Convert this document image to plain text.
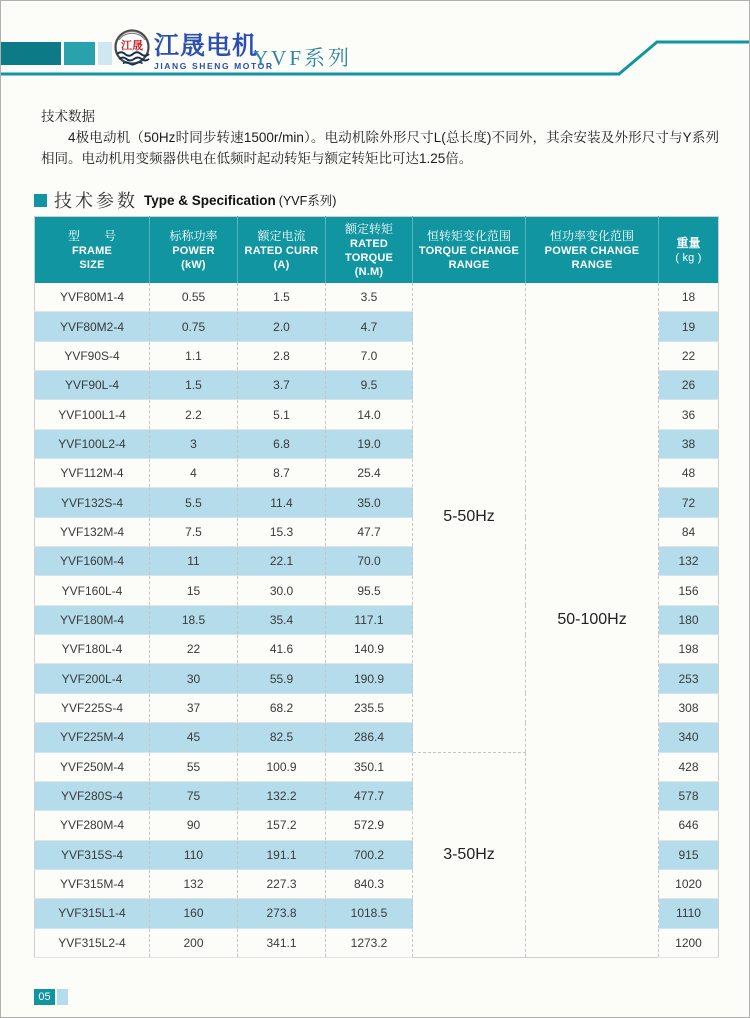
江晟 江晟电机
JIANG SHENG MOTOR
YVF系列
技术数据

4极电动机（50Hz时同步转速1500r/min）。电动机除外形尺寸L(总长度)不同外，其余安装及外形尺寸与Y系列相同。电动机用变频器供电在低频时起动转矩与额定转矩比可达1.25倍。

技术参数 Type & Specification (YVF系列)
型　　号
FRAME
SIZE	标称功率
POWER
(kW)	额定电流
RATED CURR
(A)	额定转矩
RATED TORQUE
(N.M)	恒转矩变化范围
TORQUE CHANGE
RANGE	恒功率变化范围
POWER CHANGE
RANGE	重量
( kg )

YVF80M1-4	0.55	1.5	3.5	5-50Hz	50-100Hz	18
YVF80M2-4	0.75	2.0	4.7			19
YVF90S-4	1.1	2.8	7.0			22
YVF90L-4	1.5	3.7	9.5			26
YVF100L1-4	2.2	5.1	14.0			36
YVF100L2-4	3	6.8	19.0			38
YVF112M-4	4	8.7	25.4			48
YVF132S-4	5.5	11.4	35.0			72
YVF132M-4	7.5	15.3	47.7			84
YVF160M-4	11	22.1	70.0			132
YVF160L-4	15	30.0	95.5			156
YVF180M-4	18.5	35.4	117.1			180
YVF180L-4	22	41.6	140.9			198
YVF200L-4	30	55.9	190.9			253
YVF225S-4	37	68.2	235.5			308
YVF225M-4	45	82.5	286.4			340
YVF250M-4	55	100.9	350.1	3-50Hz		428
YVF280S-4	75	132.2	477.7			578
YVF280M-4	90	157.2	572.9			646
YVF315S-4	110	191.1	700.2			915
YVF315M-4	132	227.3	840.3			1020
YVF315L1-4	160	273.8	1018.5			1110
YVF315L2-4	200	341.1	1273.2			1200
05
